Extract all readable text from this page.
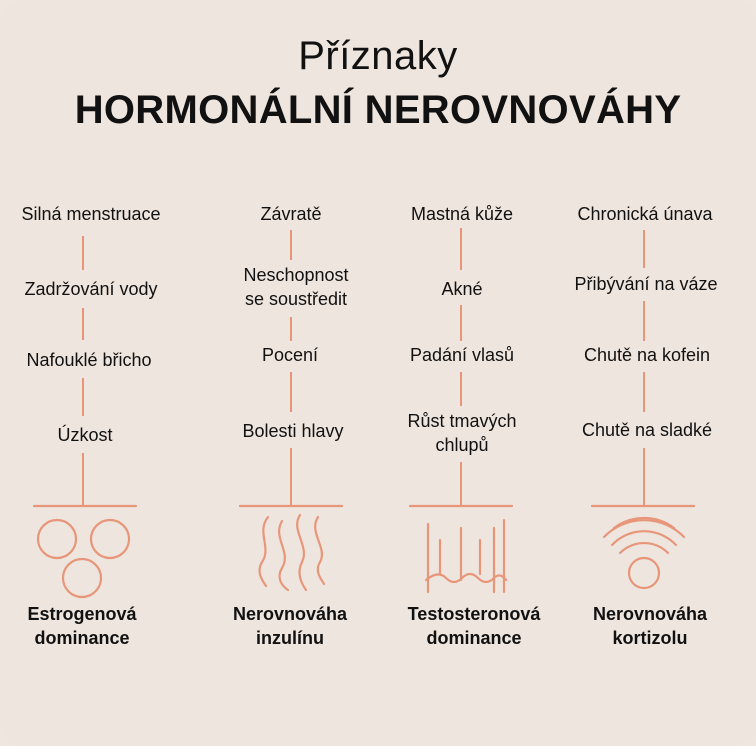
Příznaky
HORMONÁLNÍ NEROVNOVÁHY
Silná menstruace
Zadržování vody
Nafouklé břicho
Úzkost
Závratě
Neschopnost
se soustředit
Pocení
Bolesti hlavy
Mastná kůže
Akné
Padání vlasů
Růst tmavých
chlupů
Chronická únava
Přibývání na váze
Chutě na kofein
Chutě na sladké
Estrogenová
dominance
Nerovnováha
inzulínu
Testosteronová
dominance
Nerovnováha
kortizolu
